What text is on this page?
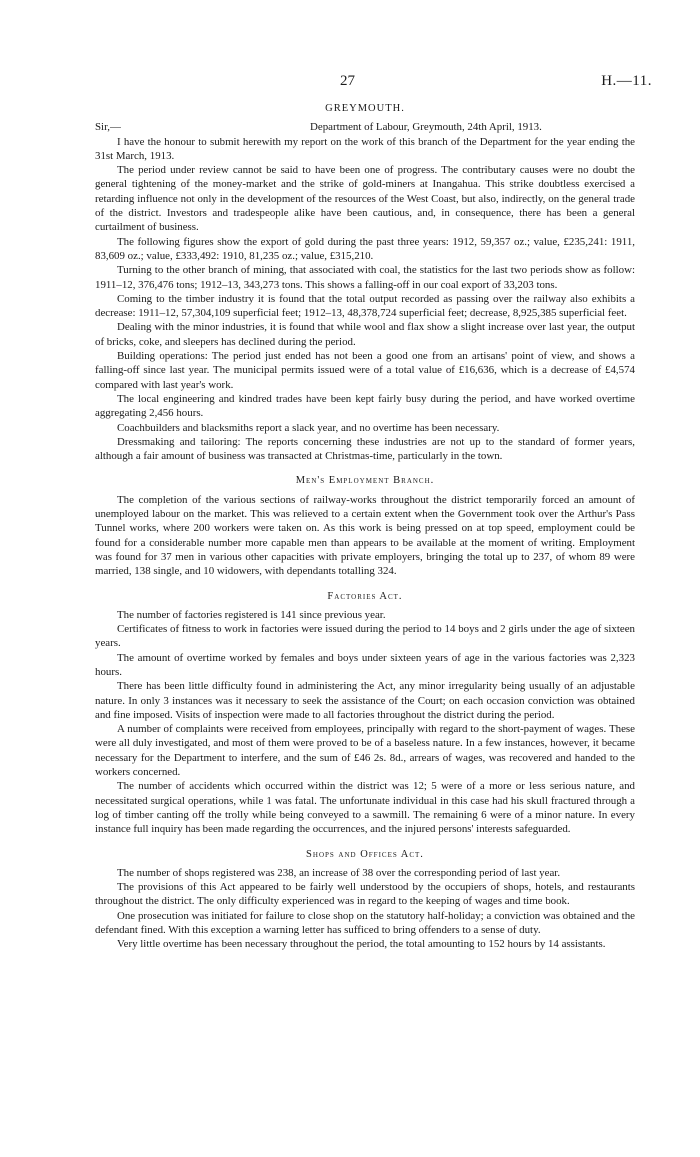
27	H.—11.
GREYMOUTH.
Sir,—	Department of Labour, Greymouth, 24th April, 1913.

I have the honour to submit herewith my report on the work of this branch of the Department for the year ending the 31st March, 1913.

The period under review cannot be said to have been one of progress. The contributary causes were no doubt the general tightening of the money-market and the strike of gold-miners at Inangahua. This strike doubtless exercised a retarding influence not only in the development of the resources of the West Coast, but also, indirectly, on the general trade of the district. Investors and tradespeople alike have been cautious, and, in consequence, there has been a general curtailment of business.

The following figures show the export of gold during the past three years: 1912, 59,357 oz.; value, £235,241: 1911, 83,609 oz.; value, £333,492: 1910, 81,235 oz.; value, £315,210.

Turning to the other branch of mining, that associated with coal, the statistics for the last two periods show as follow: 1911–12, 376,476 tons; 1912–13, 343,273 tons. This shows a falling-off in our coal export of 33,203 tons.

Coming to the timber industry it is found that the total output recorded as passing over the railway also exhibits a decrease: 1911–12, 57,304,109 superficial feet; 1912–13, 48,378,724 superficial feet; decrease, 8,925,385 superficial feet.

Dealing with the minor industries, it is found that while wool and flax show a slight increase over last year, the output of bricks, coke, and sleepers has declined during the period.

Building operations: The period just ended has not been a good one from an artisans' point of view, and shows a falling-off since last year. The municipal permits issued were of a total value of £16,636, which is a decrease of £4,574 compared with last year's work.

The local engineering and kindred trades have been kept fairly busy during the period, and have worked overtime aggregating 2,456 hours.

Coachbuilders and blacksmiths report a slack year, and no overtime has been necessary.

Dressmaking and tailoring: The reports concerning these industries are not up to the standard of former years, although a fair amount of business was transacted at Christmas-time, particularly in the town.

Men's Employment Branch.

The completion of the various sections of railway-works throughout the district temporarily forced an amount of unemployed labour on the market. This was relieved to a certain extent when the Government took over the Arthur's Pass Tunnel works, where 200 workers were taken on. As this work is being pressed on at top speed, employment could be found for a considerable number more capable men than appears to be available at the moment of writing. Employment was found for 37 men in various other capacities with private employers, bringing the total up to 237, of whom 89 were married, 138 single, and 10 widowers, with dependants totalling 324.

Factories Act.

The number of factories registered is 141 since previous year.

Certificates of fitness to work in factories were issued during the period to 14 boys and 2 girls under the age of sixteen years.

The amount of overtime worked by females and boys under sixteen years of age in the various factories was 2,323 hours.

There has been little difficulty found in administering the Act, any minor irregularity being usually of an adjustable nature. In only 3 instances was it necessary to seek the assistance of the Court; on each occasion conviction was obtained and fine imposed. Visits of inspection were made to all factories throughout the district during the period.

A number of complaints were received from employees, principally with regard to the short-payment of wages. These were all duly investigated, and most of them were proved to be of a baseless nature. In a few instances, however, it became necessary for the Department to interfere, and the sum of £46 2s. 8d., arrears of wages, was recovered and handed to the workers concerned.

The number of accidents which occurred within the district was 12; 5 were of a more or less serious nature, and necessitated surgical operations, while 1 was fatal. The unfortunate individual in this case had his skull fractured through a log of timber canting off the trolly while being conveyed to a sawmill. The remaining 6 were of a minor nature. In every instance full inquiry has been made regarding the occurrences, and the injured persons' interests safeguarded.

Shops and Offices Act.

The number of shops registered was 238, an increase of 38 over the corresponding period of last year.

The provisions of this Act appeared to be fairly well understood by the occupiers of shops, hotels, and restaurants throughout the district. The only difficulty experienced was in regard to the keeping of wages and time book.

One prosecution was initiated for failure to close shop on the statutory half-holiday; a conviction was obtained and the defendant fined. With this exception a warning letter has sufficed to bring offenders to a sense of duty.

Very little overtime has been necessary throughout the period, the total amounting to 152 hours by 14 assistants.
